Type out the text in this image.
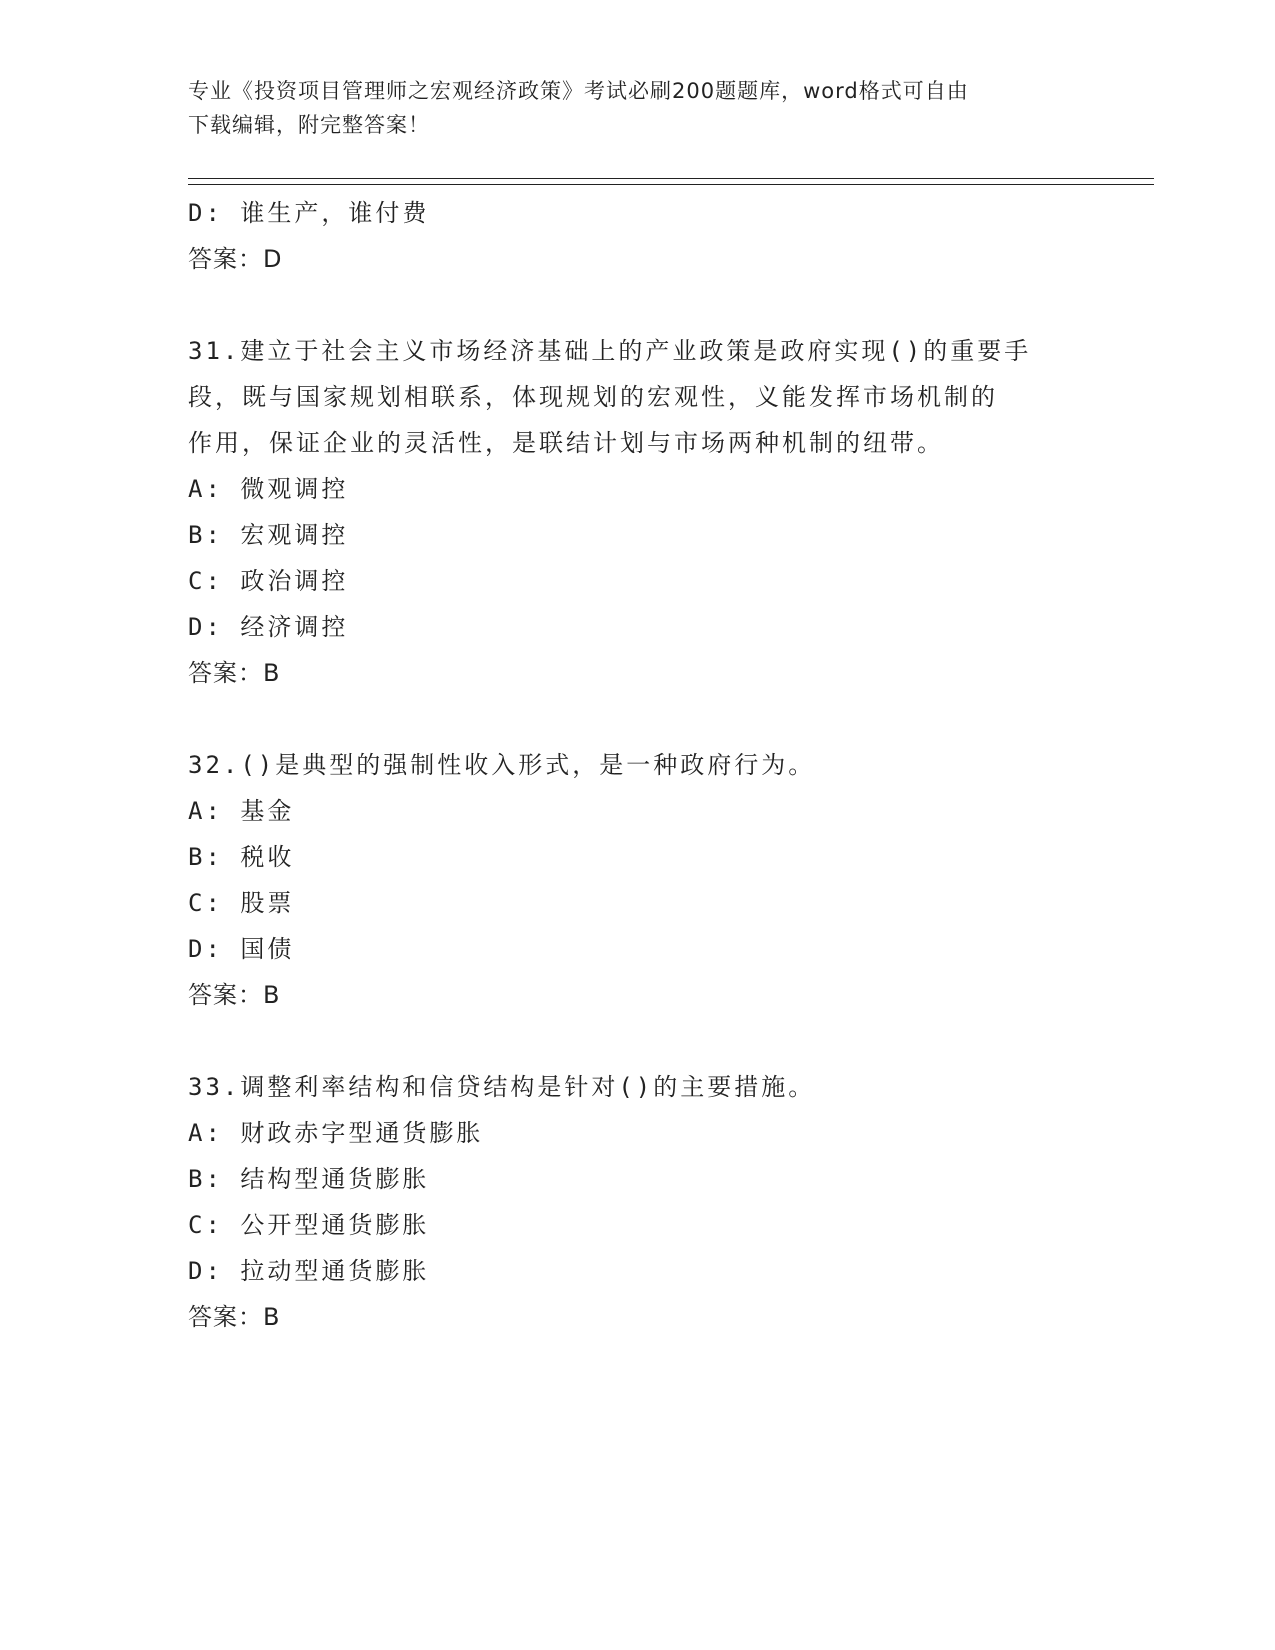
专业《投资项目管理师之宏观经济政策》考试必刷200题题库，word格式可自由
下载编辑，附完整答案！
D: 谁生产，谁付费
答案：D
31.建立于社会主义市场经济基础上的产业政策是政府实现()的重要手
段，既与国家规划相联系，体现规划的宏观性，义能发挥市场机制的
作用，保证企业的灵活性，是联结计划与市场两种机制的纽带。
A: 微观调控
B: 宏观调控
C: 政治调控
D: 经济调控
答案：B
32.()是典型的强制性收入形式，是一种政府行为。
A: 基金
B: 税收
C: 股票
D: 国债
答案：B
33.调整利率结构和信贷结构是针对()的主要措施。
A: 财政赤字型通货膨胀
B: 结构型通货膨胀
C: 公开型通货膨胀
D: 拉动型通货膨胀
答案：B
